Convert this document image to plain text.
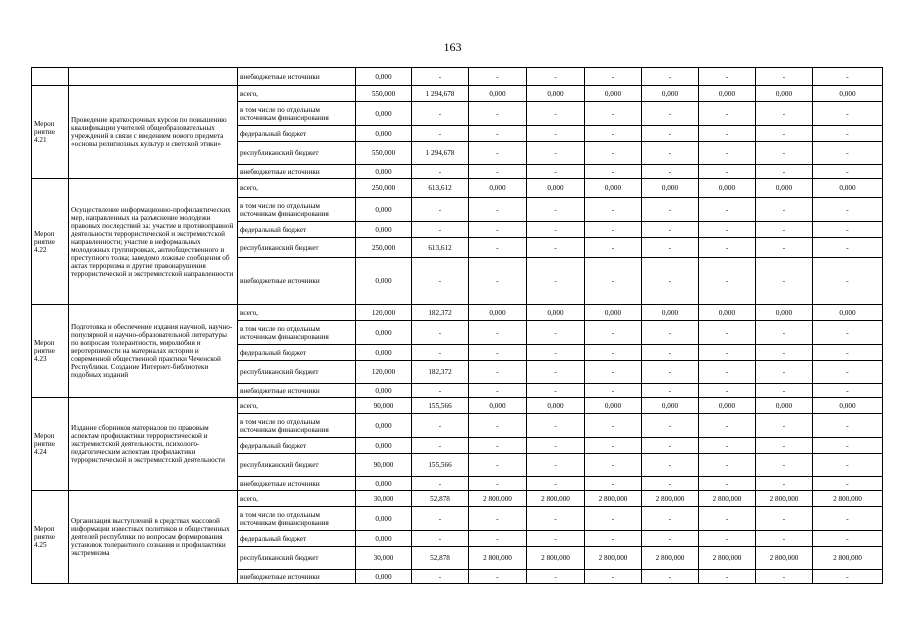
163
		внебюджетные источники	0,000	-	-	-	-	-	-	-	-
Мероп риятие 4.21	Проведение краткосрочных курсов по повышению квалификации учителей общеобразовательных учреждений в связи с введением нового предмета «основы религиозных культур и светской этики»	всего,	550,000	1 294,678	0,000	0,000	0,000	0,000	0,000	0,000	0,000
		в том числе по отдельным источникам финансирования	0,000	-	-	-	-	-	-	-	-
		федеральный бюджет	0,000	-	-	-	-	-	-	-	-
		республиканский бюджет	550,000	1 294,678	-	-	-	-	-	-	-
		внебюджетные источники	0,000	-	-	-	-	-	-	-	-
Мероп риятие 4.22	Осуществление информационно-профилактических мер, направленных на разъяснение молодежи правовых последствий за: участие в противоправной деятельности террористической и экстремистской направленности; участие в неформальных молодежных группировках, антиобщественного и преступного толка; заведомо ложные сообщения об актах терроризма и другие правонарушения террористической и экстремистской направленности	всего,	250,000	613,612	0,000	0,000	0,000	0,000	0,000	0,000	0,000
		в том числе по отдельным источникам финансирования	0,000	-	-	-	-	-	-	-	-
		федеральный бюджет	0,000	-	-	-	-	-	-	-	-
		республиканский бюджет	250,000	613,612	-	-	-	-	-	-	-
		внебюджетные источники	0,000	-	-	-	-	-	-	-	-
Мероп риятие 4.23	Подготовка и обеспечение издания научной, научно-популярной и научно-образовательной литературы по вопросам толерантности, миролюбия и веротерпимости на материалах истории и современной общественной практики Чеченской Республики. Создание Интернет-библиотеки подобных изданий	всего,	120,000	182,372	0,000	0,000	0,000	0,000	0,000	0,000	0,000
		в том числе по отдельным источникам финансирования	0,000	-	-	-	-	-	-	-	-
		федеральный бюджет	0,000	-	-	-	-	-	-	-	-
		республиканский бюджет	120,000	182,372	-	-	-	-	-	-	-
		внебюджетные источники	0,000	-	-	-	-	-	-	-	-
Мероп риятие 4.24	Издание сборников материалов по правовым аспектам профилактики террористической и экстремистской деятельности, психолого-педагогическим аспектам профилактики террористической и экстремистской деятельности	всего,	90,000	155,566	0,000	0,000	0,000	0,000	0,000	0,000	0,000
		в том числе по отдельным источникам финансирования	0,000	-	-	-	-	-	-	-	-
		федеральный бюджет	0,000	-	-	-	-	-	-	-	-
		республиканский бюджет	90,000	155,566	-	-	-	-	-	-	-
		внебюджетные источники	0,000	-	-	-	-	-	-	-	-
Мероп риятие 4.25	Организация выступлений в средствах массовой информации известных политиков и общественных деятелей республики по вопросам формирования установок толерантного сознания и профилактики экстремизма	всего,	30,000	52,878	2 800,000	2 800,000	2 800,000	2 800,000	2 800,000	2 800,000	2 800,000
		в том числе по отдельным источникам финансирования	0,000	-	-	-	-	-	-	-	-
		федеральный бюджет	0,000	-	-	-	-	-	-	-	-
		республиканский бюджет	30,000	52,878	2 800,000	2 800,000	2 800,000	2 800,000	2 800,000	2 800,000	2 800,000
		внебюджетные источники	0,000	-	-	-	-	-	-	-	-
